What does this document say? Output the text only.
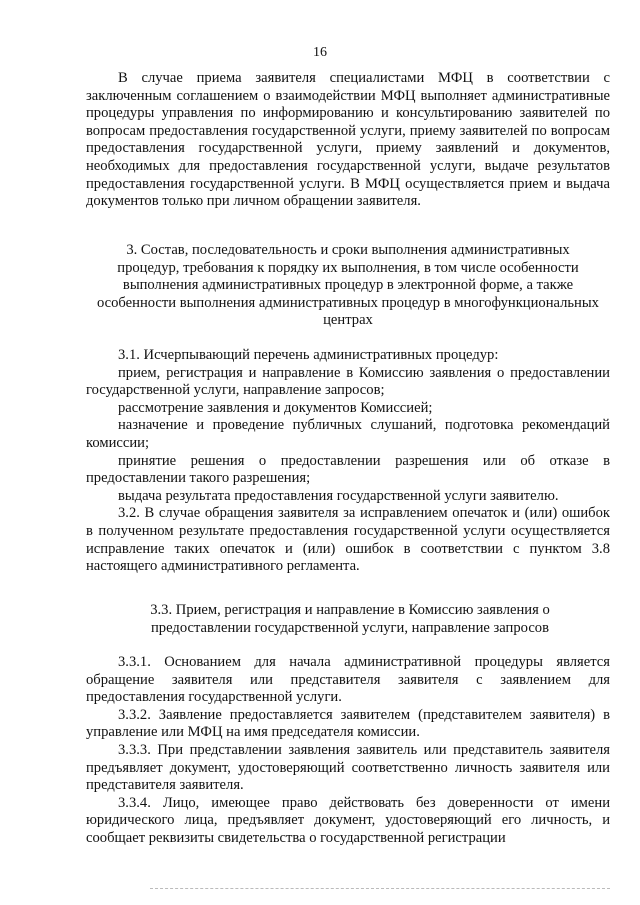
16

В случае приема заявителя специалистами МФЦ в соответствии с заключенным соглашением о взаимодействии МФЦ выполняет административные процедуры управления по информированию и консультированию заявителей по вопросам предоставления государственной услуги, приему заявителей по вопросам предоставления государственной услуги, приему заявлений и документов, необходимых для предоставления государственной услуги, выдаче результатов предоставления государственной услуги. В МФЦ осуществляется прием и выдача документов только при личном обращении заявителя.

3. Состав, последовательность и сроки выполнения административных процедур, требования к порядку их выполнения, в том числе особенности выполнения административных процедур в электронной форме, а также особенности выполнения административных процедур в многофункциональных центрах

3.1. Исчерпывающий перечень административных процедур:

прием, регистрация и направление в Комиссию заявления о предоставлении государственной услуги, направление запросов;

рассмотрение заявления и документов Комиссией;

назначение и проведение публичных слушаний, подготовка рекомендаций комиссии;

принятие решения о предоставлении разрешения или об отказе в предоставлении такого разрешения;

выдача результата предоставления государственной услуги заявителю.

3.2. В случае обращения заявителя за исправлением опечаток и (или) ошибок в полученном результате предоставления государственной услуги осуществляется исправление таких опечаток и (или) ошибок в соответствии с пунктом 3.8 настоящего административного регламента.

3.3. Прием, регистрация и направление в Комиссию заявления о предоставлении государственной услуги, направление запросов

3.3.1. Основанием для начала административной процедуры является обращение заявителя или представителя заявителя с заявлением для предоставления государственной услуги.

3.3.2. Заявление предоставляется заявителем (представителем заявителя) в управление или МФЦ на имя председателя комиссии.

3.3.3. При представлении заявления заявитель или представитель заявителя предъявляет документ, удостоверяющий соответственно личность заявителя или представителя заявителя.

3.3.4. Лицо, имеющее право действовать без доверенности от имени юридического лица, предъявляет документ, удостоверяющий его личность, и сообщает реквизиты свидетельства о государственной регистрации
